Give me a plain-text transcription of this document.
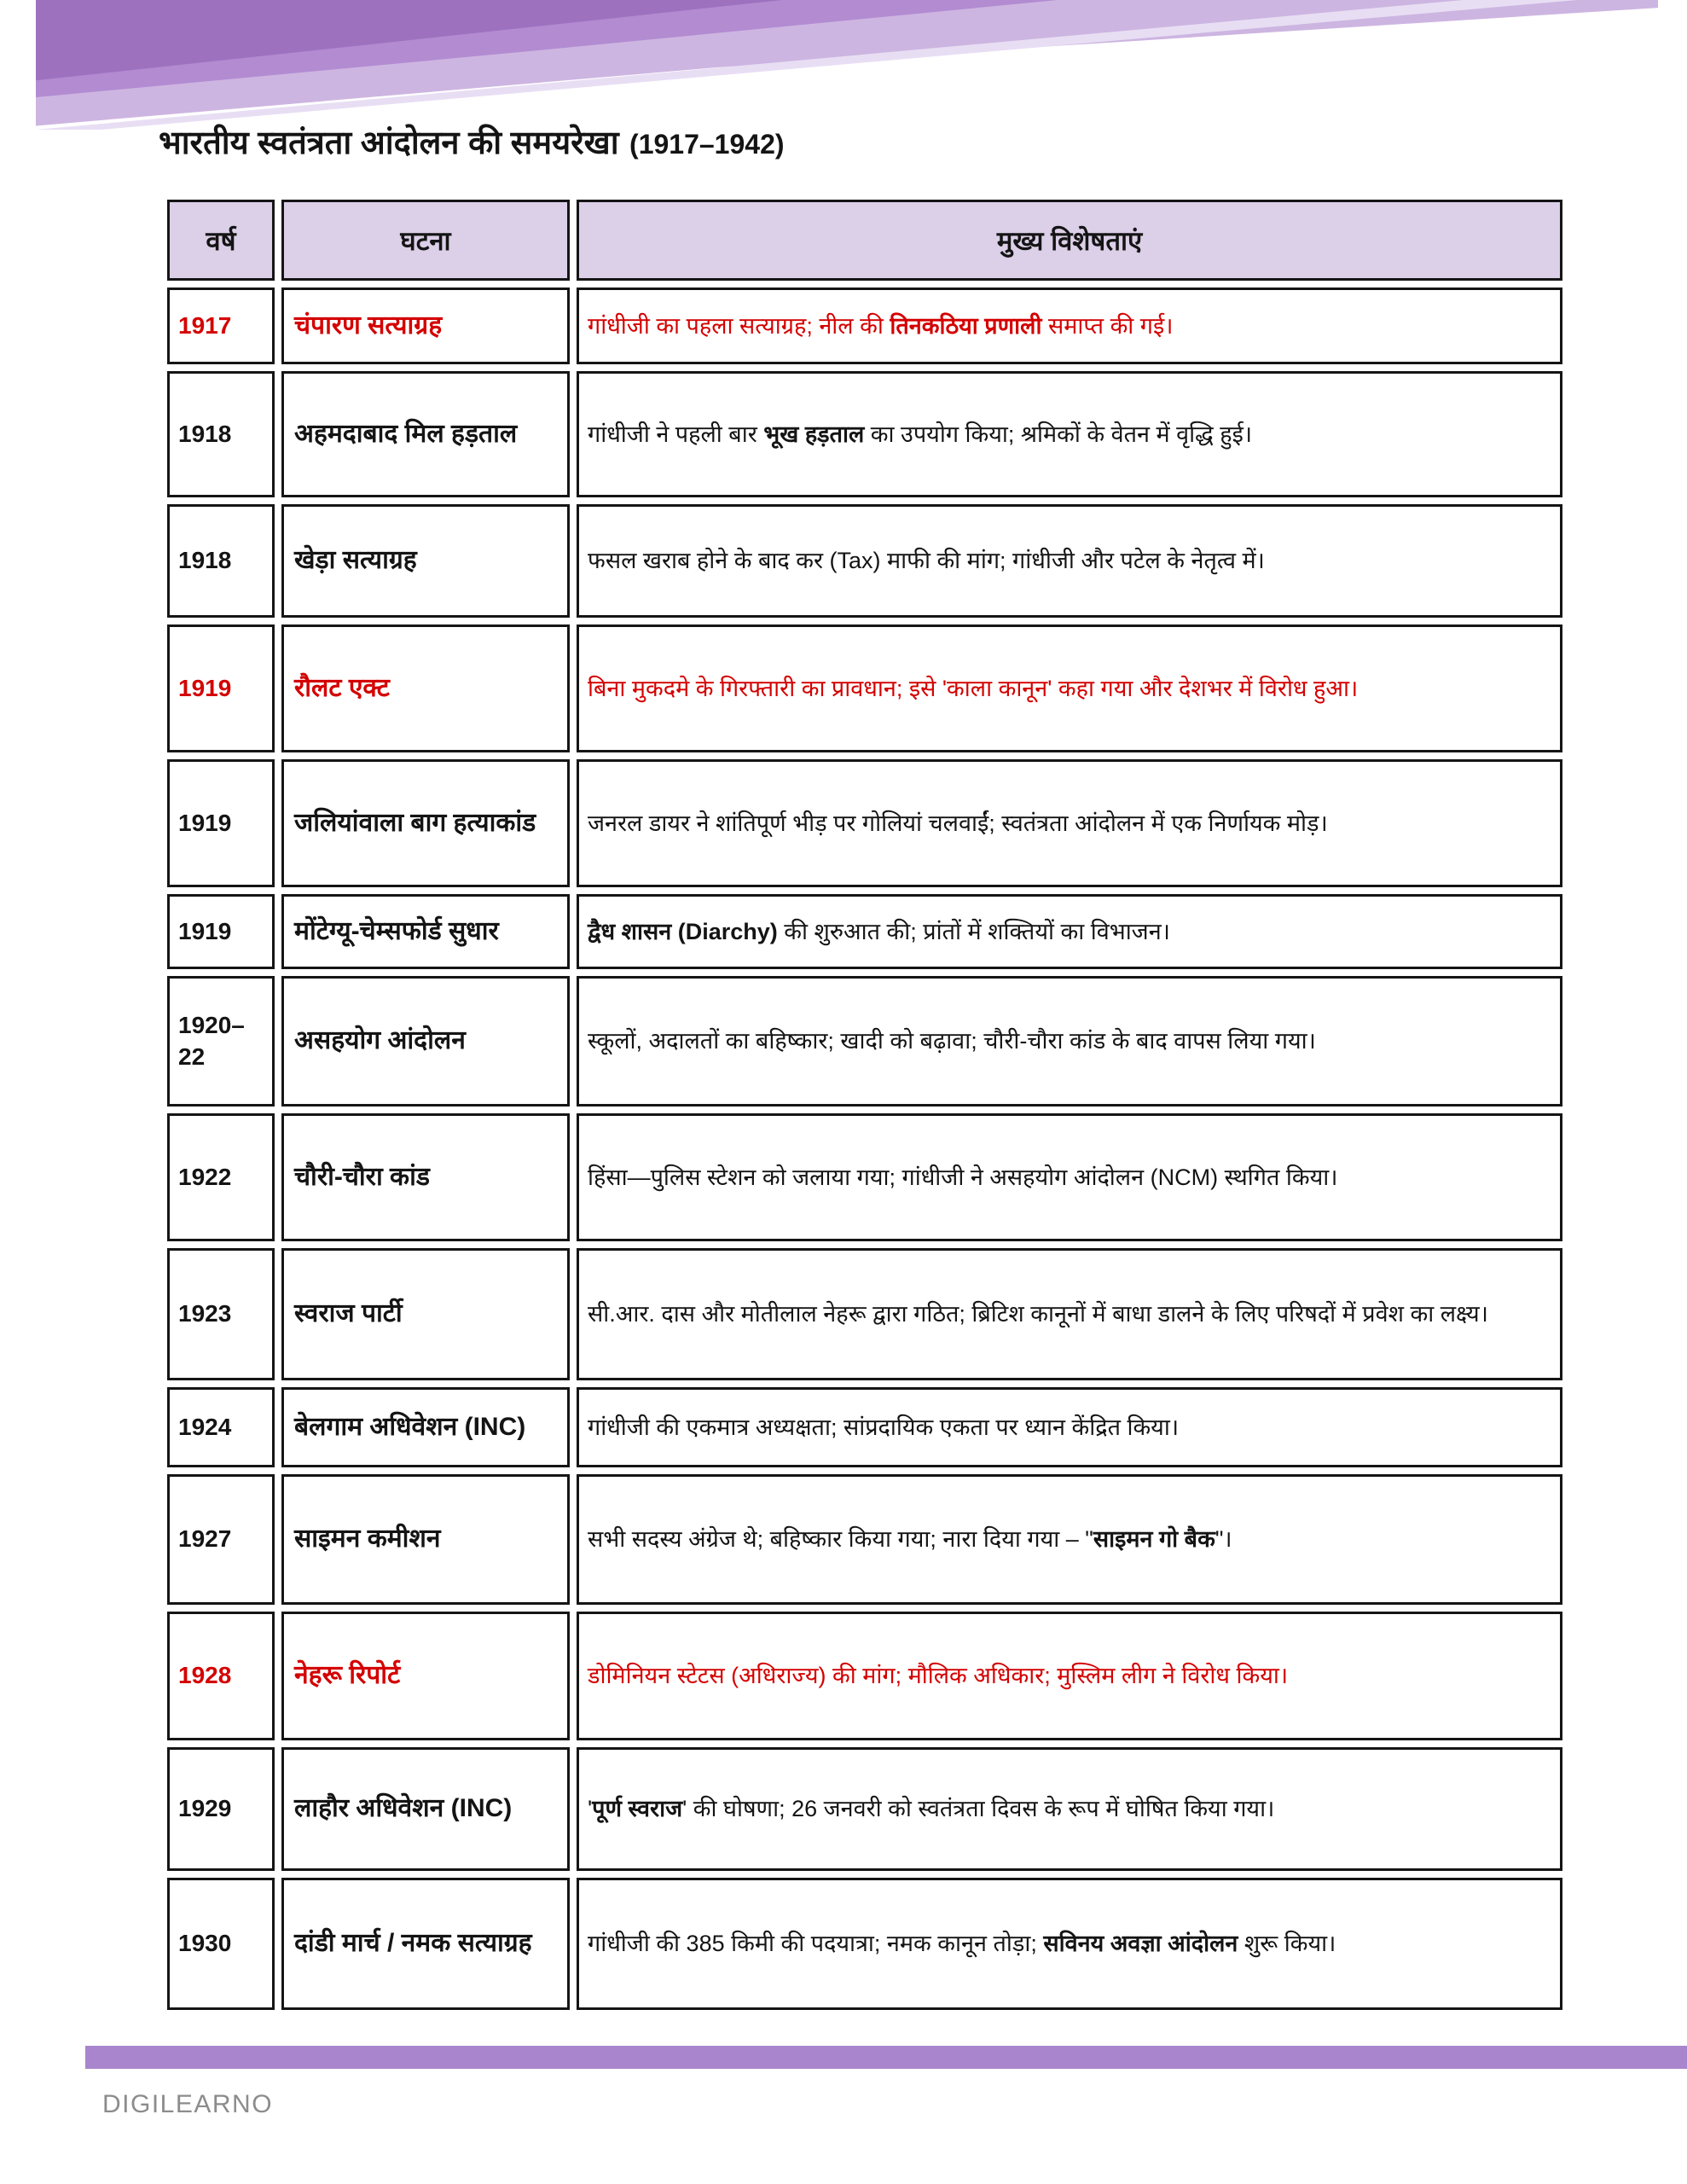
भारतीय स्वतंत्रता आंदोलन की समयरेखा (1917–1942)
वर्ष	घटना	मुख्य विशेषताएं
1917	चंपारण सत्याग्रह	गांधीजी का पहला सत्याग्रह; नील की तिनकठिया प्रणाली समाप्त की गई।
1918	अहमदाबाद मिल हड़ताल	गांधीजी ने पहली बार भूख हड़ताल का उपयोग किया; श्रमिकों के वेतन में वृद्धि हुई।
1918	खेड़ा सत्याग्रह	फसल खराब होने के बाद कर (Tax) माफी की मांग; गांधीजी और पटेल के नेतृत्व में।
1919	रौलट एक्ट	बिना मुकदमे के गिरफ्तारी का प्रावधान; इसे 'काला कानून' कहा गया और देशभर में विरोध हुआ।
1919	जलियांवाला बाग हत्याकांड	जनरल डायर ने शांतिपूर्ण भीड़ पर गोलियां चलवाईं; स्वतंत्रता आंदोलन में एक निर्णायक मोड़।
1919	मोंटेग्यू-चेम्सफोर्ड सुधार	द्वैध शासन (Diarchy) की शुरुआत की; प्रांतों में शक्तियों का विभाजन।
1920–22	असहयोग आंदोलन	स्कूलों, अदालतों का बहिष्कार; खादी को बढ़ावा; चौरी-चौरा कांड के बाद वापस लिया गया।
1922	चौरी-चौरा कांड	हिंसा—पुलिस स्टेशन को जलाया गया; गांधीजी ने असहयोग आंदोलन (NCM) स्थगित किया।
1923	स्वराज पार्टी	सी.आर. दास और मोतीलाल नेहरू द्वारा गठित; ब्रिटिश कानूनों में बाधा डालने के लिए परिषदों में प्रवेश का लक्ष्य।
1924	बेलगाम अधिवेशन (INC)	गांधीजी की एकमात्र अध्यक्षता; सांप्रदायिक एकता पर ध्यान केंद्रित किया।
1927	साइमन कमीशन	सभी सदस्य अंग्रेज थे; बहिष्कार किया गया; नारा दिया गया – "साइमन गो बैक"।
1928	नेहरू रिपोर्ट	डोमिनियन स्टेटस (अधिराज्य) की मांग; मौलिक अधिकार; मुस्लिम लीग ने विरोध किया।
1929	लाहौर अधिवेशन (INC)	'पूर्ण स्वराज' की घोषणा; 26 जनवरी को स्वतंत्रता दिवस के रूप में घोषित किया गया।
1930	दांडी मार्च / नमक सत्याग्रह	गांधीजी की 385 किमी की पदयात्रा; नमक कानून तोड़ा; सविनय अवज्ञा आंदोलन शुरू किया।
DIGILEARNO
